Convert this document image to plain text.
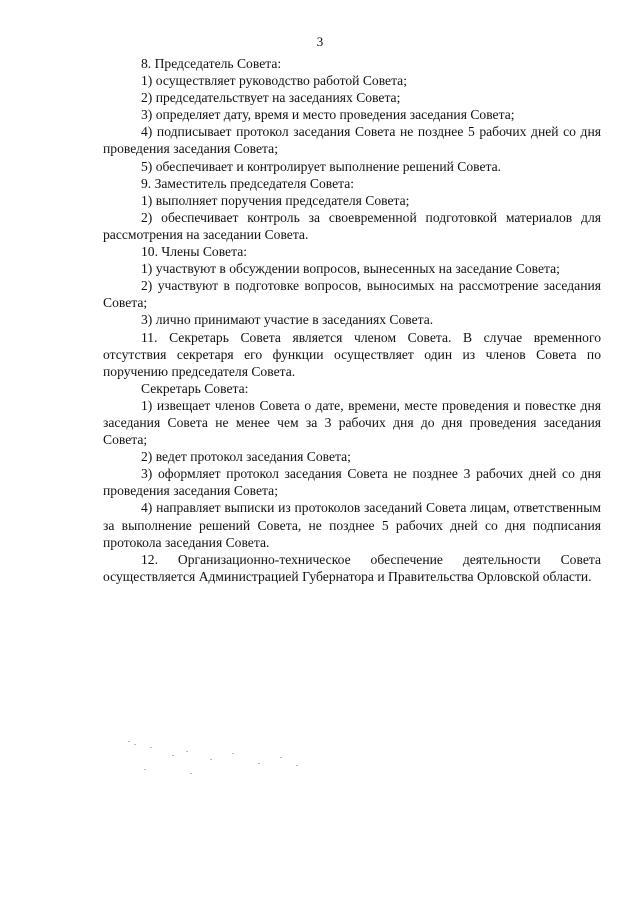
3

8. Председатель Совета:

1) осуществляет руководство работой Совета;

2) председательствует на заседаниях Совета;

3) определяет дату, время и место проведения заседания Совета;

4) подписывает протокол заседания Совета не позднее 5 рабочих дней со дня проведения заседания Совета;

5) обеспечивает и контролирует выполнение решений Совета.

9. Заместитель председателя Совета:

1) выполняет поручения председателя Совета;

2) обеспечивает контроль за своевременной подготовкой материалов для рассмотрения на заседании Совета.

10. Члены Совета:

1) участвуют в обсуждении вопросов, вынесенных на заседание Совета;

2) участвуют в подготовке вопросов, выносимых на рассмотрение заседания Совета;

3) лично принимают участие в заседаниях Совета.

11. Секретарь Совета является членом Совета. В случае временного отсутствия секретаря его функции осуществляет один из членов Совета по поручению председателя Совета.

Секретарь Совета:

1) извещает членов Совета о дате, времени, месте проведения и повестке дня заседания Совета не менее чем за 3 рабочих дня до дня проведения заседания Совета;

2) ведет протокол заседания Совета;

3) оформляет протокол заседания Совета не позднее 3 рабочих дней со дня проведения заседания Совета;

4) направляет выписки из протоколов заседаний Совета лицам, ответственным за выполнение решений Совета, не позднее 5 рабочих дней со дня подписания протокола заседания Совета.

12. Организационно-техническое обеспечение деятельности Совета осуществляется Администрацией Губернатора и Правительства Орловской области.
